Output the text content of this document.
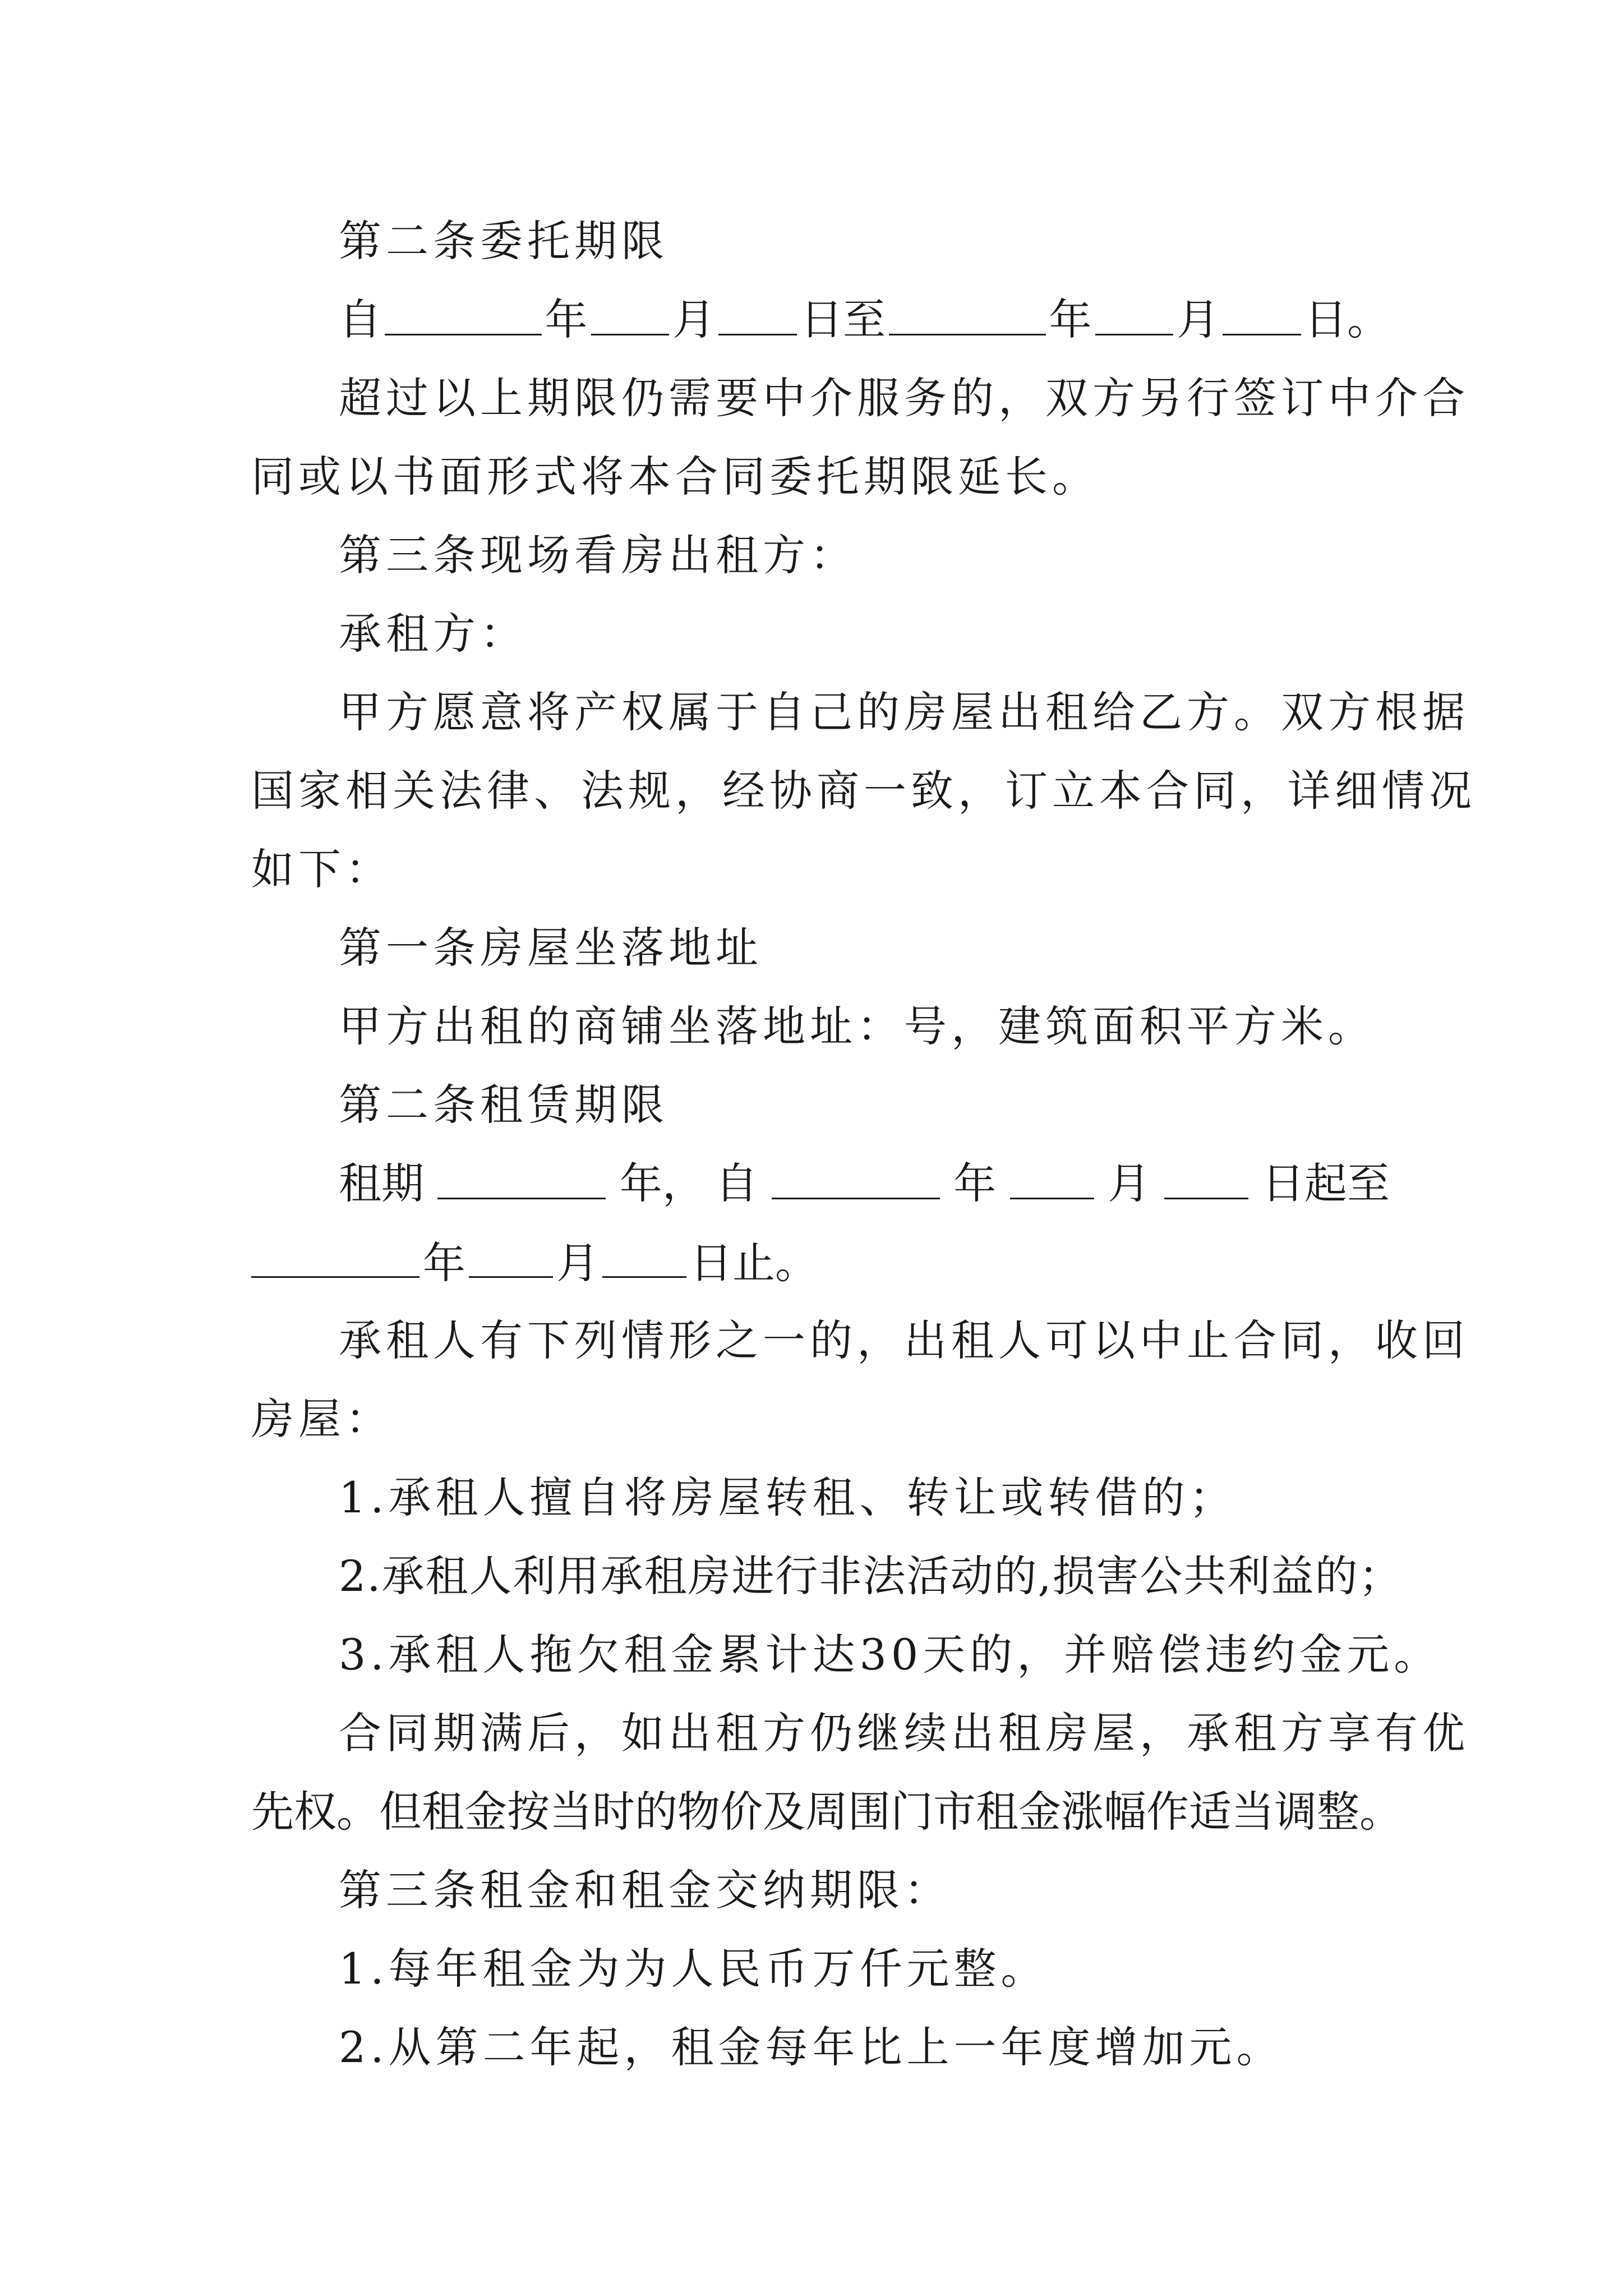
第二条委托期限
自	年 月 日至	年 月 日。
超过以上期限仍需要中介服务的，双方另行签订中介合
同或以书面形式将本合同委托期限延长。
第三条现场看房出租方：
承租方：
甲方愿意将产权属于自己的房屋出租给乙方。双方根据
国家相关法律、法规，经协商一致，订立本合同，详细情况
如下：
第一条房屋坐落地址
甲方出租的商铺坐落地址：号，建筑面积平方米。
第二条租赁期限
租期	年， 自	年	月	日起至
年 月 日止。
承租人有下列情形之一的，出租人可以中止合同，收回
房屋：
1.承租人擅自将房屋转租、转让或转借的；
2.承租人利用承租房进行非法活动的,损害公共利益的；
3.承租人拖欠租金累计达30天的，并赔偿违约金元。
合同期满后，如出租方仍继续出租房屋，承租方享有优
先权。但租金按当时的物价及周围门市租金涨幅作适当调整。
第三条租金和租金交纳期限：
1.每年租金为为人民币万仟元整。
2.从第二年起，租金每年比上一年度增加元。
